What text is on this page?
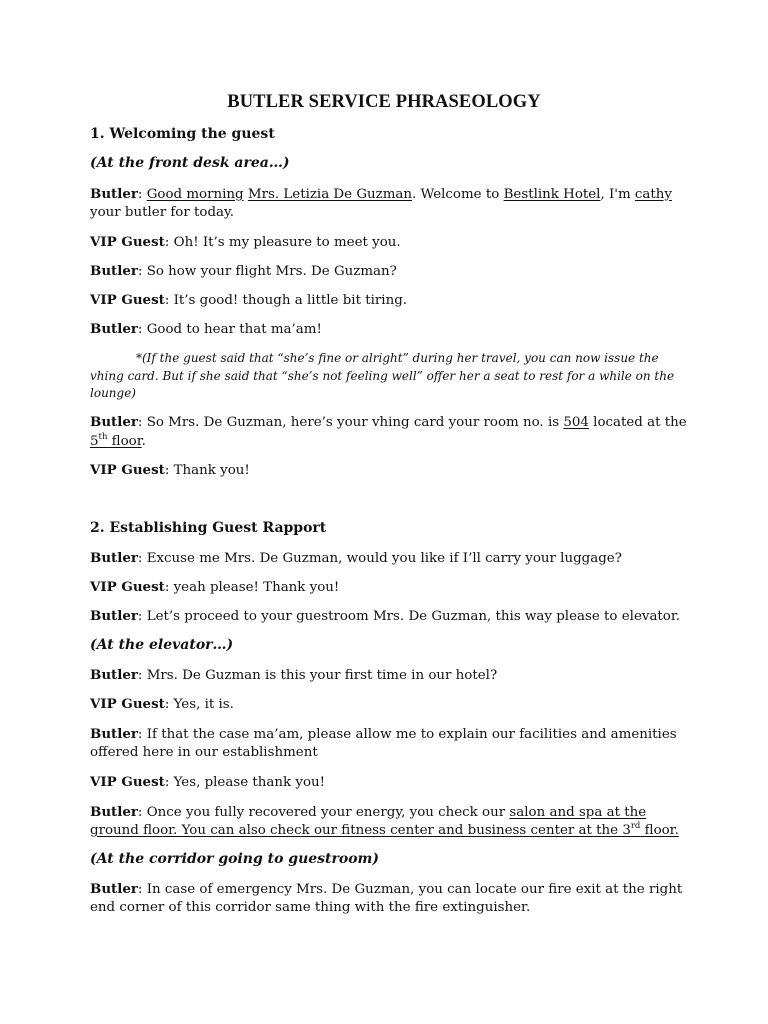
BUTLER SERVICE PHRASEOLOGY
1. Welcoming the guest
(At the front desk area…)
Butler: Good morning Mrs. Letizia De Guzman. Welcome to Bestlink Hotel, I'm cathy
your butler for today.
VIP Guest: Oh! It’s my pleasure to meet you.
Butler: So how your flight Mrs. De Guzman?
VIP Guest: It’s good! though a little bit tiring.
Butler: Good to hear that ma’am!
*(If the guest said that “she’s fine or alright” during her travel, you can now issue the
vhing card. But if she said that “she’s not feeling well” offer her a seat to rest for a while on the
lounge)
Butler: So Mrs. De Guzman, here’s your vhing card your room no. is 504 located at the
5th floor.
VIP Guest: Thank you!
2. Establishing Guest Rapport
Butler: Excuse me Mrs. De Guzman, would you like if I’ll carry your luggage?
VIP Guest: yeah please! Thank you!
Butler: Let’s proceed to your guestroom Mrs. De Guzman, this way please to elevator.
(At the elevator…)
Butler: Mrs. De Guzman is this your first time in our hotel?
VIP Guest: Yes, it is.
Butler: If that the case ma’am, please allow me to explain our facilities and amenities
offered here in our establishment
VIP Guest: Yes, please thank you!
Butler: Once you fully recovered your energy, you check our salon and spa at the
ground floor. You can also check our fitness center and business center at the 3rd floor.
(At the corridor going to guestroom)
Butler: In case of emergency Mrs. De Guzman, you can locate our fire exit at the right
end corner of this corridor same thing with the fire extinguisher.
